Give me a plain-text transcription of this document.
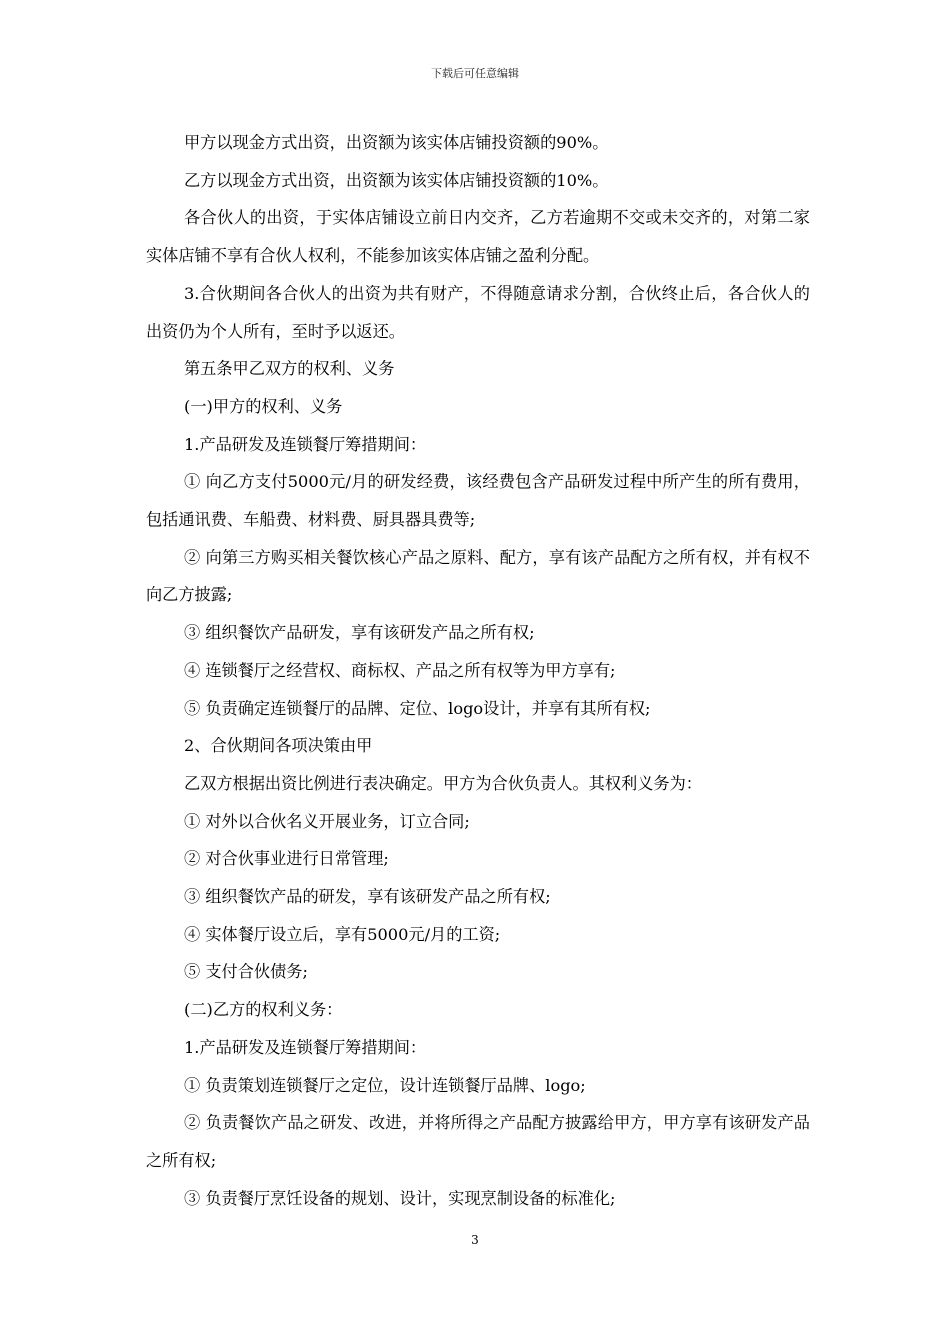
下载后可任意编辑

甲方以现金方式出资，出资额为该实体店铺投资额的90%。

乙方以现金方式出资，出资额为该实体店铺投资额的10%。

各合伙人的出资，于实体店铺设立前日内交齐，乙方若逾期不交或未交齐的，对第二家实体店铺不享有合伙人权利，不能参加该实体店铺之盈利分配。

3.合伙期间各合伙人的出资为共有财产，不得随意请求分割，合伙终止后，各合伙人的出资仍为个人所有，至时予以返还。

第五条甲乙双方的权利、义务

(一)甲方的权利、义务

1.产品研发及连锁餐厅筹措期间：

① 向乙方支付5000元/月的研发经费，该经费包含产品研发过程中所产生的所有费用，包括通讯费、车船费、材料费、厨具器具费等;

② 向第三方购买相关餐饮核心产品之原料、配方，享有该产品配方之所有权，并有权不向乙方披露;

③ 组织餐饮产品研发，享有该研发产品之所有权;

④ 连锁餐厅之经营权、商标权、产品之所有权等为甲方享有;

⑤ 负责确定连锁餐厅的品牌、定位、logo设计，并享有其所有权;

2、合伙期间各项决策由甲

乙双方根据出资比例进行表决确定。甲方为合伙负责人。其权利义务为：

① 对外以合伙名义开展业务，订立合同;

② 对合伙事业进行日常管理;

③ 组织餐饮产品的研发，享有该研发产品之所有权;

④ 实体餐厅设立后，享有5000元/月的工资;

⑤ 支付合伙债务;

(二)乙方的权利义务：

1.产品研发及连锁餐厅筹措期间：

① 负责策划连锁餐厅之定位，设计连锁餐厅品牌、logo;

② 负责餐饮产品之研发、改进，并将所得之产品配方披露给甲方，甲方享有该研发产品之所有权;

③ 负责餐厅烹饪设备的规划、设计，实现烹制设备的标准化;

3
